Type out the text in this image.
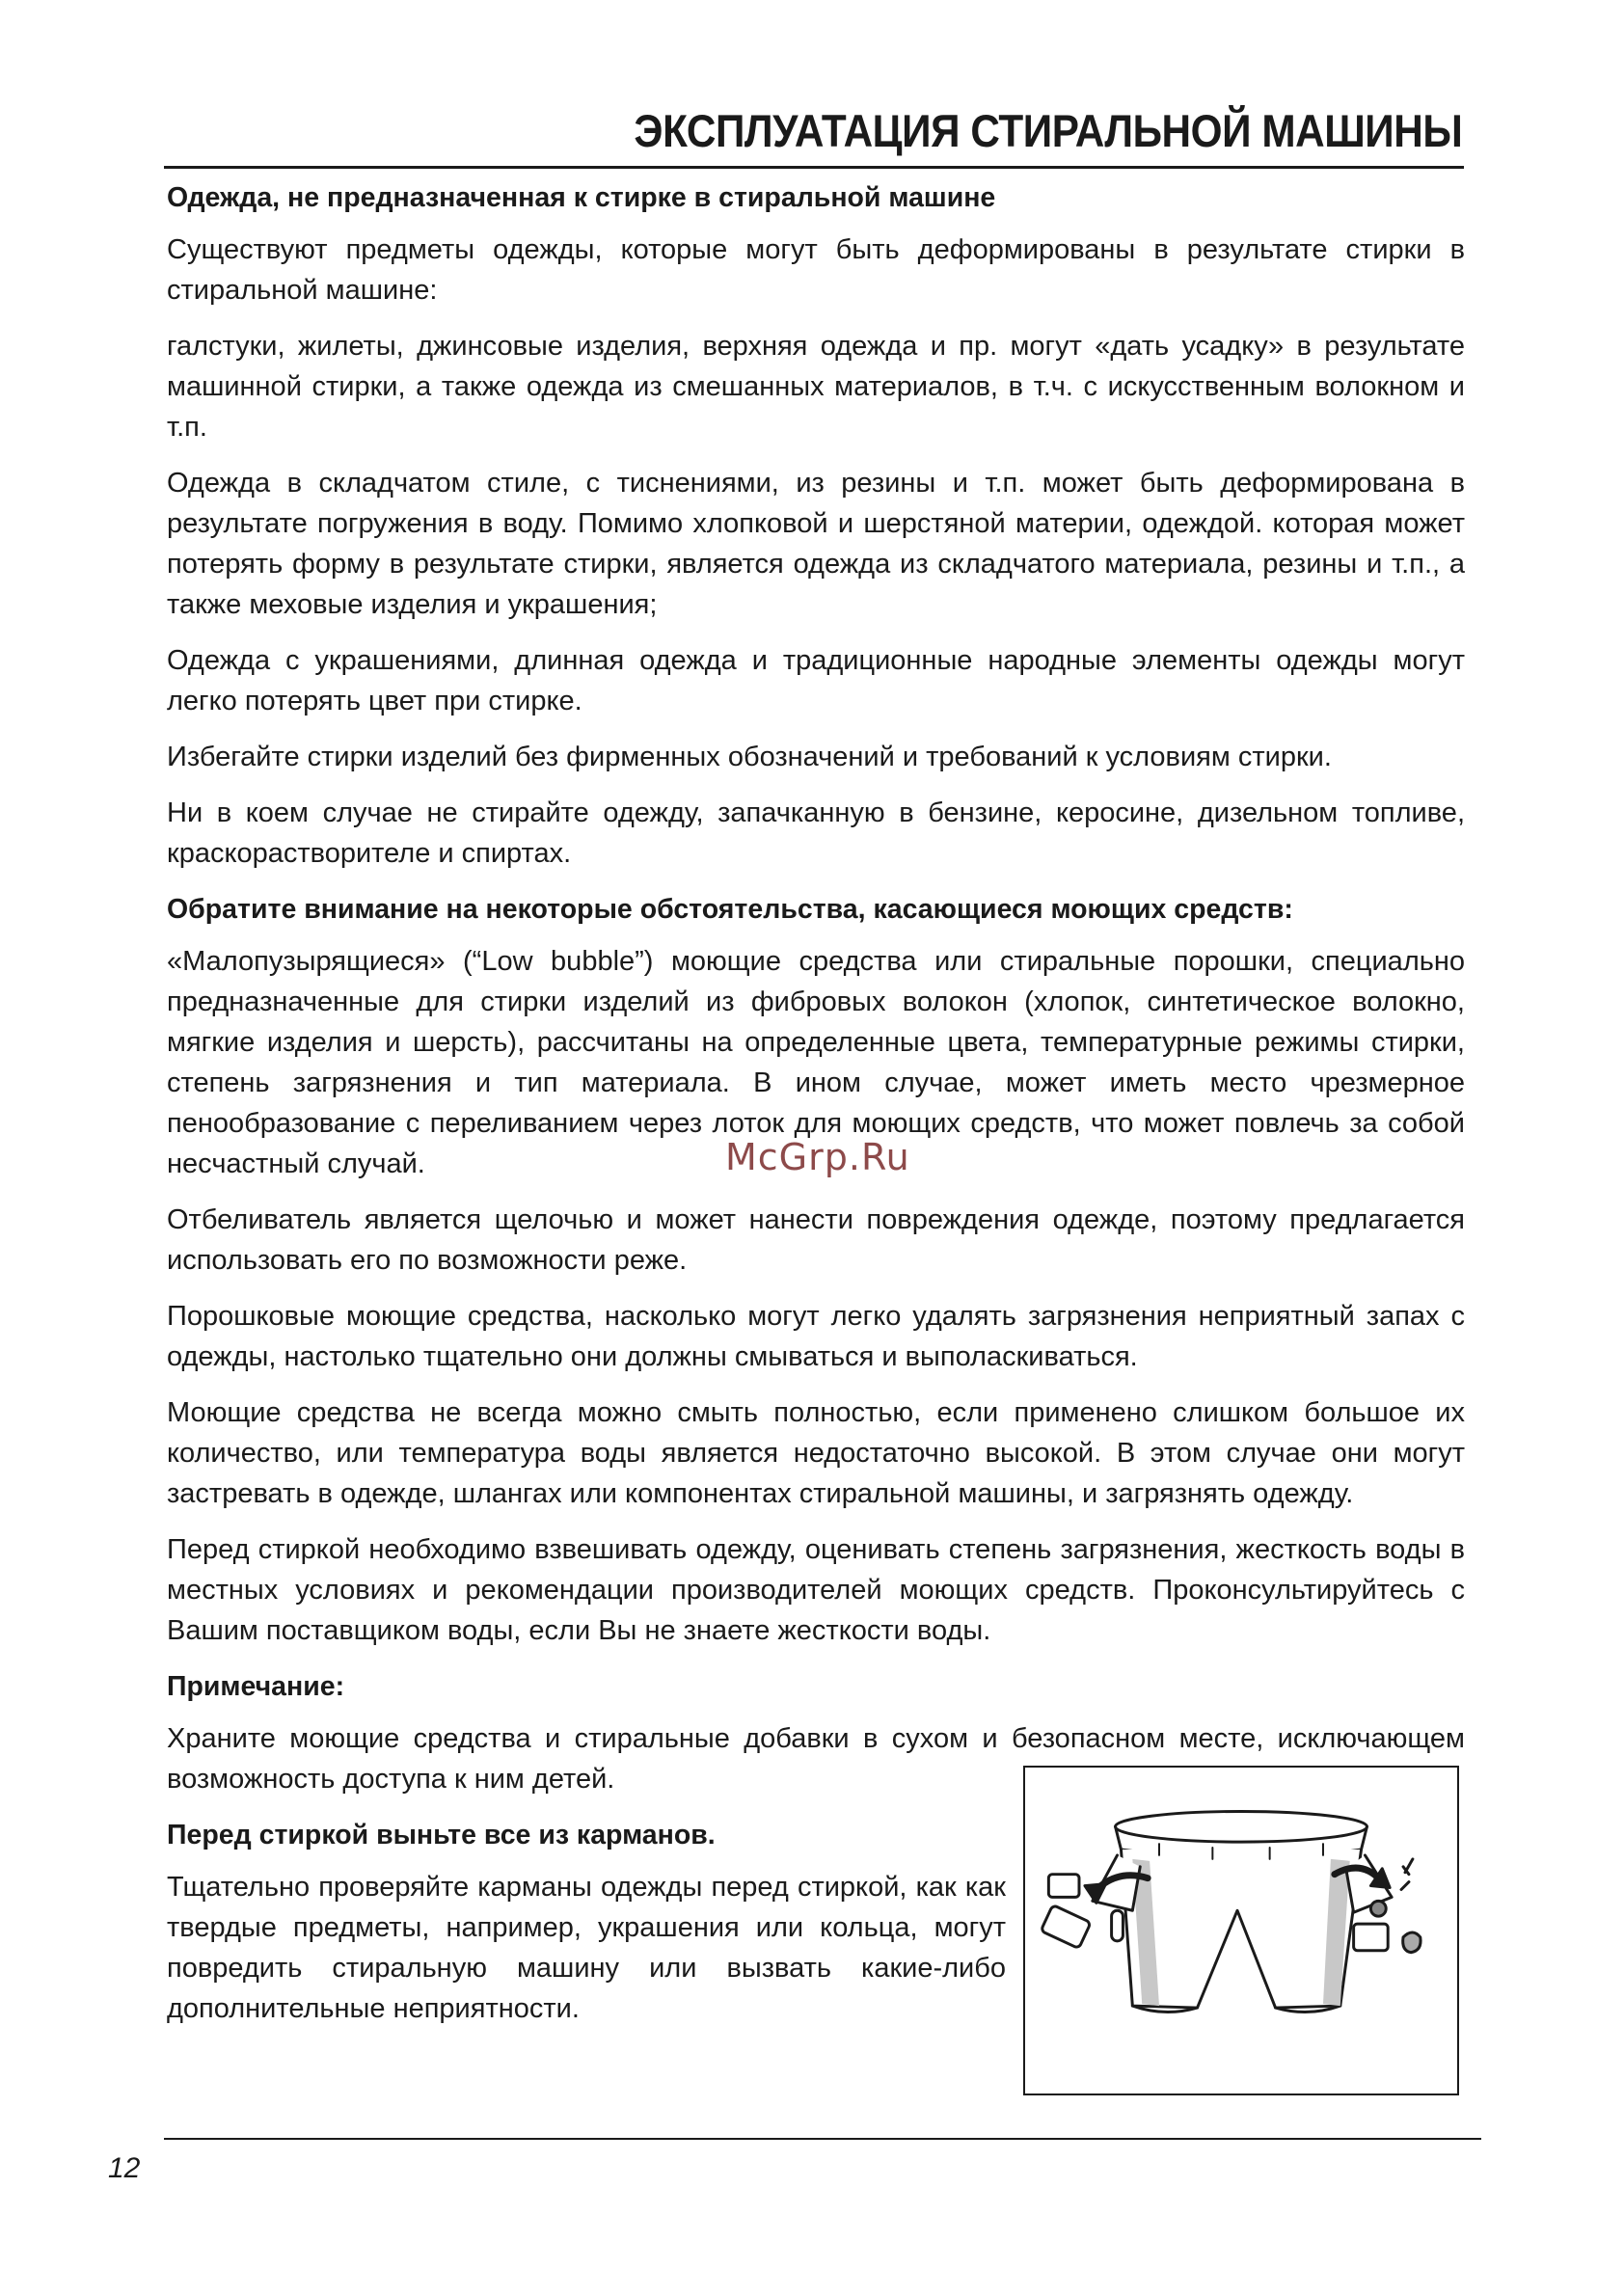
ЭКСПЛУАТАЦИЯ СТИРАЛЬНОЙ МАШИНЫ
Одежда, не предназначенная к стирке в стиральной машине

Существуют предметы одежды, которые могут быть деформированы в результате стирки в стиральной машине:

галстуки, жилеты, джинсовые изделия, верхняя одежда и пр. могут «дать усадку» в результате машинной стирки, а также одежда из смешанных материалов, в т.ч. с искусственным волокном и т.п.

Одежда в складчатом стиле, с тиснениями, из резины и т.п. может быть деформирована в результате погружения в воду. Помимо хлопковой и шерстяной материи, одеждой. которая может потерять форму в результате стирки, является одежда из складчатого материала, резины и т.п., а также меховые изделия и украшения;

Одежда с украшениями, длинная одежда и традиционные народные элементы одежды могут легко потерять цвет при стирке.

Избегайте стирки изделий без фирменных обозначений и требований к условиям стирки.

Ни в коем случае не стирайте одежду, запачканную в бензине, керосине, дизельном топливе, краскорастворителе и спиртах.

Обратите внимание на некоторые обстоятельства, касающиеся моющих средств:

«Малопузырящиеся» (“Low bubble”) моющие средства или стиральные порошки, специально предназначенные для стирки изделий из фибровых волокон (хлопок, синтетическое волокно, мягкие изделия и шерсть), рассчитаны на определенные цвета, температурные режимы стирки, степень загрязнения и тип материала. В ином случае, может иметь место чрезмерное пенообразование с переливанием через лоток для моющих средств, что может повлечь за собой несчастный случай.

Отбеливатель является щелочью и может нанести повреждения одежде, поэтому предлагается использовать его по возможности реже.

Порошковые моющие средства, насколько могут легко удалять загрязнения неприятный запах с одежды, настолько тщательно они должны смываться и выполаскиваться.

Моющие средства не всегда можно смыть полностью, если применено слишком большое их количество, или температура воды является недостаточно высокой. В этом случае они могут застревать в одежде, шлангах или компонентах стиральной машины, и загрязнять одежду.

Перед стиркой необходимо взвешивать одежду, оценивать степень загрязнения, жесткость воды в местных условиях и рекомендации производителей моющих средств. Проконсультируйтесь с Вашим поставщиком воды, если Вы не знаете жесткости воды.

Примечание:

Храните моющие средства и стиральные добавки в сухом и безопасном месте, исключающем возможность доступа к ним детей.

Перед стиркой выньте все из карманов.

Тщательно проверяйте карманы одежды перед стиркой, как как твердые предметы, например, украшения или кольца, могут повредить стиральную машину или вызвать какие-либо дополнительные неприятности.

McGrp.Ru
12
